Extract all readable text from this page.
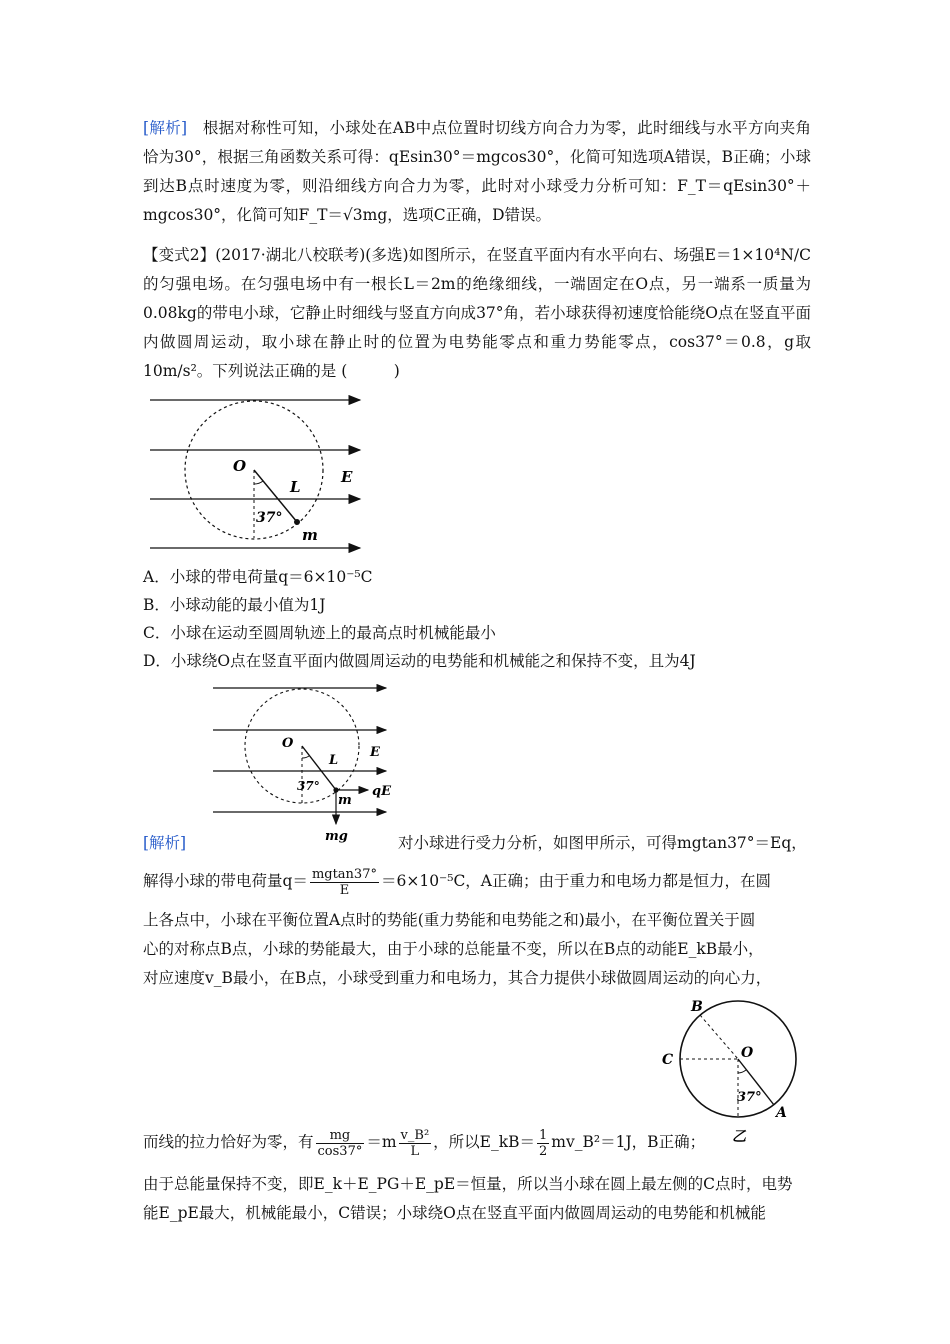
[解析] 根据对称性可知，小球处在AB中点位置时切线方向合力为零，此时细线与水平方向夹角恰为30°，根据三角函数关系可得：qEsin30°＝mgcos30°，化简可知选项A错误，B正确；小球到达B点时速度为零，则沿细线方向合力为零，此时对小球受力分析可知：F_T＝qEsin30°＋mgcos30°，化简可知F_T＝√3mg，选项C正确，D错误。
【变式2】(2017·湖北八校联考)(多选)如图所示，在竖直平面内有水平向右、场强E＝1×10⁴N/C的匀强电场。在匀强电场中有一根长L＝2m的绝缘细线，一端固定在O点，另一端系一质量为0.08kg的带电小球，它静止时细线与竖直方向成37°角，若小球获得初速度恰能绕O点在竖直平面内做圆周运动，取小球在静止时的位置为电势能零点和重力势能零点，cos37°＝0.8，g取10m/s²。下列说法正确的是 (　　　)
O
L
E
37°
m
A．小球的带电荷量q＝6×10⁻⁵C
B．小球动能的最小值为1J
C．小球在运动至圆周轨迹上的最高点时机械能最小
D．小球绕O点在竖直平面内做圆周运动的电势能和机械能之和保持不变，且为4J
O
L
E
37°
m
qE
mg
[解析]	对小球进行受力分析，如图甲所示，可得mgtan37°＝Eq，
解得小球的带电荷量$q= \frac{mgtan37^\circ}{E} =6\times 10^{-5}C$，A正确；由于重力和电场力都是恒力，在圆
上各点中，小球在平衡位置A点时的势能(重力势能和电势能之和)最小，在平衡位置关于圆
心的对称点B点，小球的势能最大，由于小球的总能量不变，所以在B点的动能E_kB最小，
对应速度v_B最小，在B点，小球受到重力和电场力，其合力提供小球做圆周运动的向心力，
B
C	O
A
37°
乙
而线的拉力恰好为零，有 $\frac{mg}{\cos 37^\circ} =m \frac{\text{v\_B²}}{L}$ ，所以E_kB＝ $\frac{1}{2}$ mv_B²＝1J，B正确；
由于总能量保持不变，即E_k＋E_PG＋E_pE＝恒量，所以当小球在圆上最左侧的C点时，电势
能E_pE最大，机械能最小，C错误；小球绕O点在竖直平面内做圆周运动的电势能和机械能
